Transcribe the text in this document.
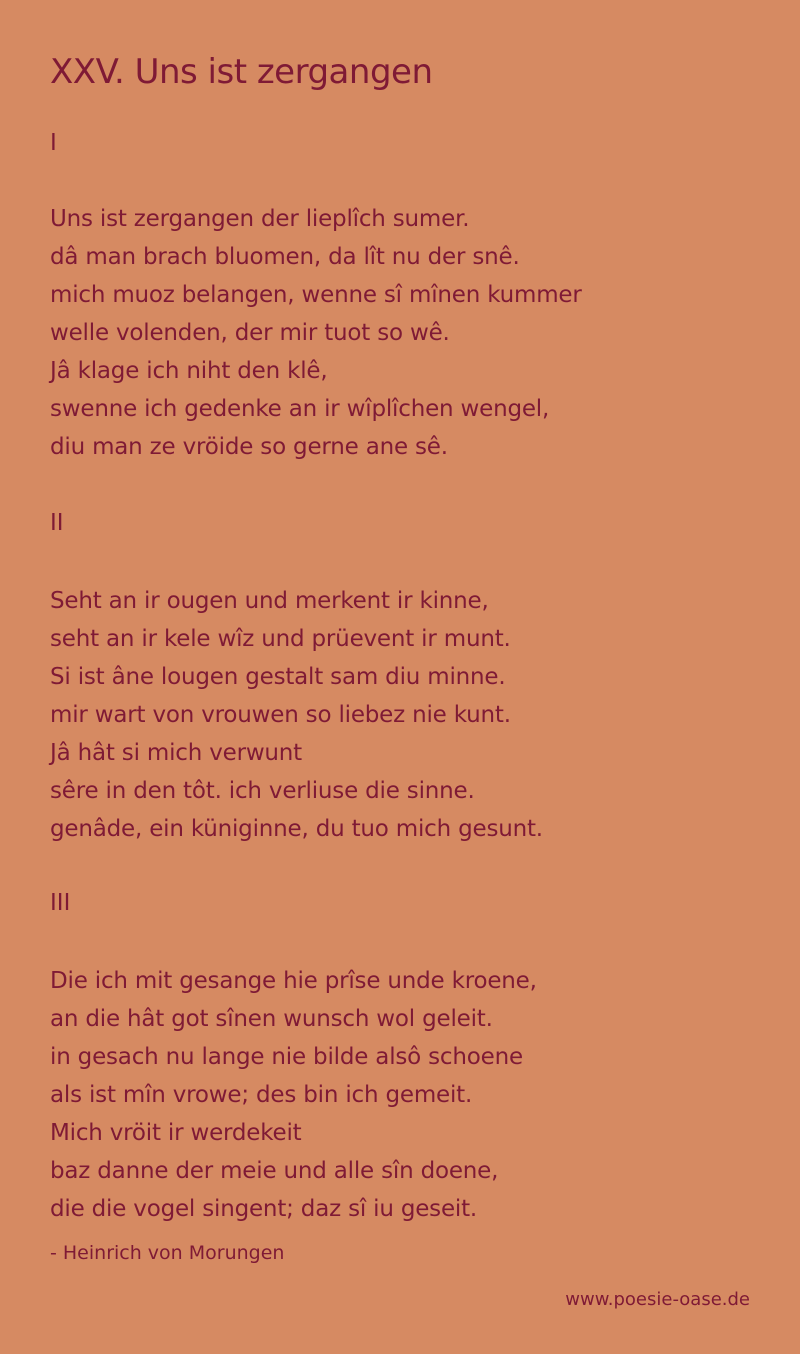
XXV. Uns ist zergangen
I
Uns ist zergangen der lieplîch sumer.
dâ man brach bluomen, da lît nu der snê.
mich muoz belangen, wenne sî mînen kummer
welle volenden, der mir tuot so wê.
Jâ klage ich niht den klê,
swenne ich gedenke an ir wîplîchen wengel,
diu man ze vröide so gerne ane sê.
II
Seht an ir ougen und merkent ir kinne,
seht an ir kele wîz und prüevent ir munt.
Si ist âne lougen gestalt sam diu minne.
mir wart von vrouwen so liebez nie kunt.
Jâ hât si mich verwunt
sêre in den tôt. ich verliuse die sinne.
genâde, ein küniginne, du tuo mich gesunt.
III
Die ich mit gesange hie prîse unde kroene,
an die hât got sînen wunsch wol geleit.
in gesach nu lange nie bilde alsô schoene
als ist mîn vrowe; des bin ich gemeit.
Mich vröit ir werdekeit
baz danne der meie und alle sîn doene,
die die vogel singent; daz sî iu geseit.

- Heinrich von Morungen

www.poesie-oase.de
